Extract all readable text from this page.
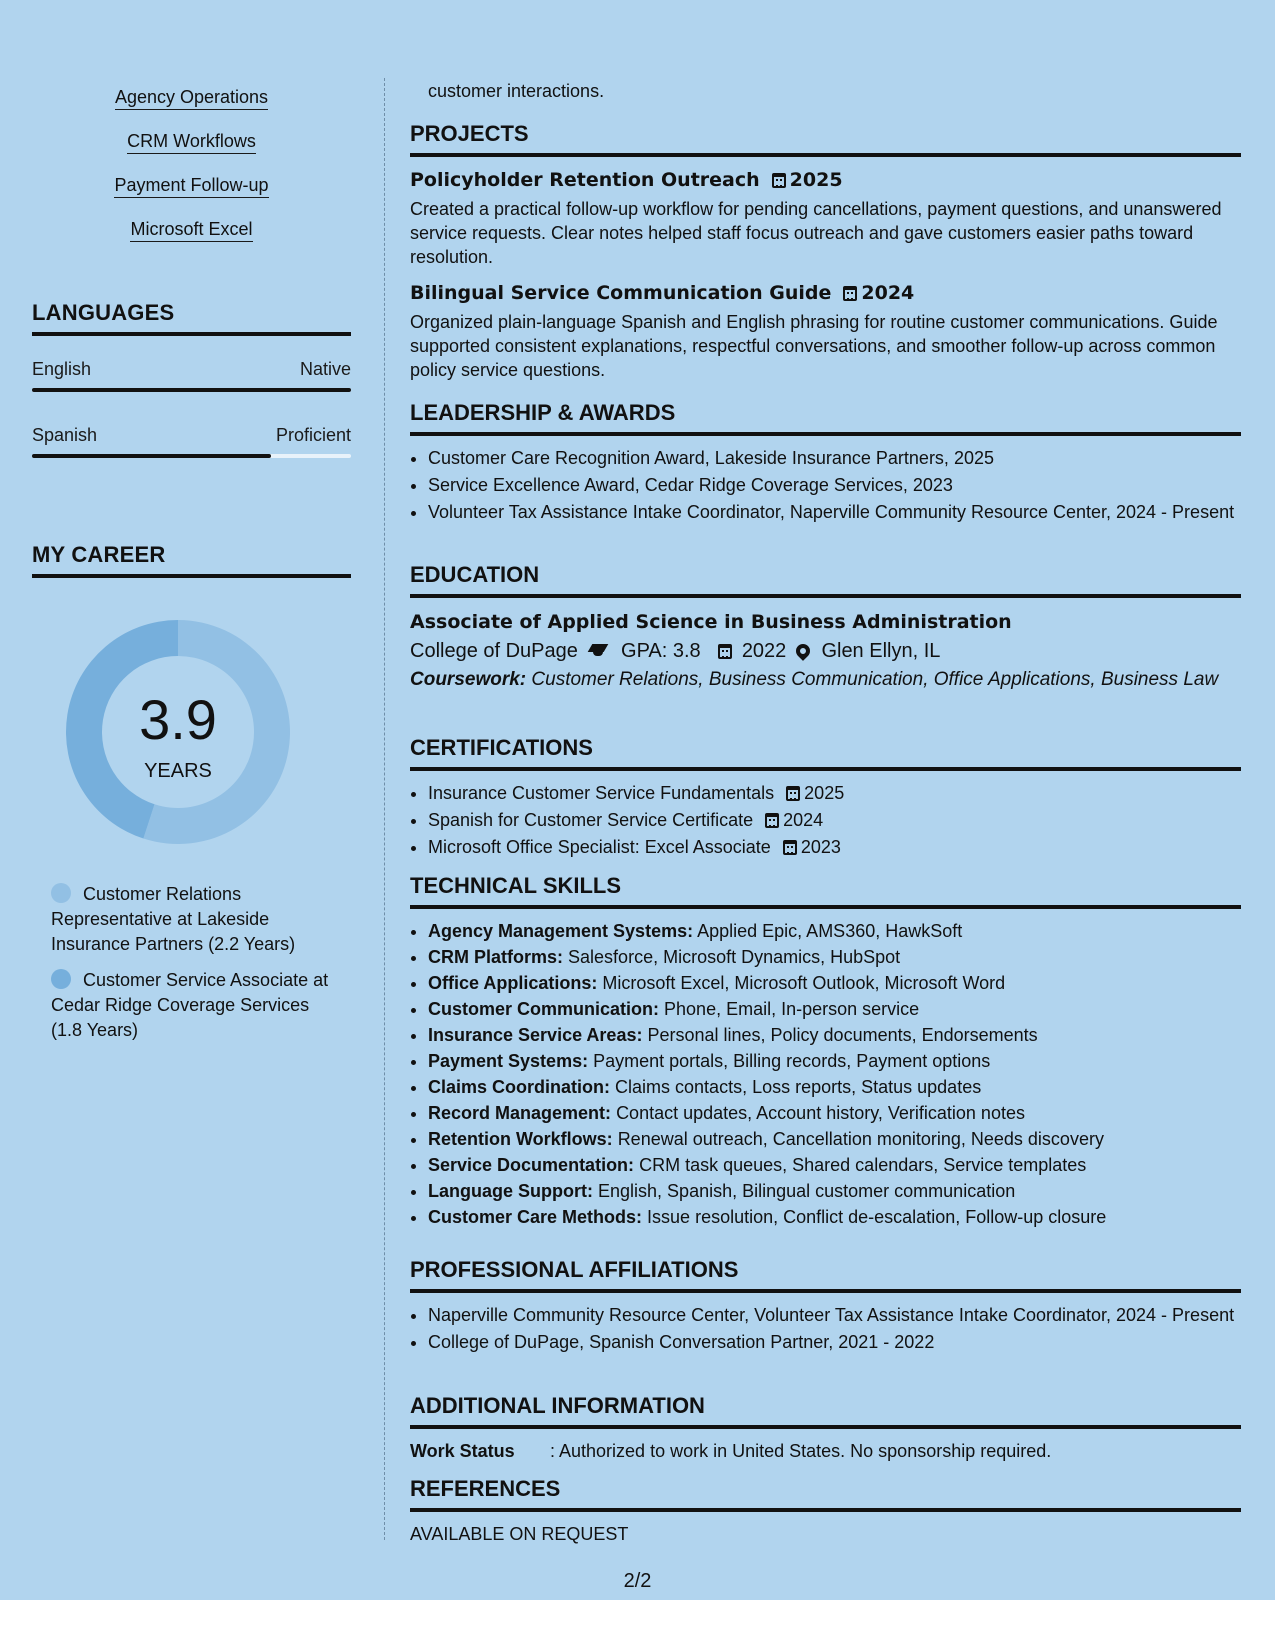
Agency Operations
CRM Workflows
Payment Follow-up
Microsoft Excel
LANGUAGES
English	Native
Spanish	Proficient
MY CAREER
3.9
YEARS
Customer Relations Representative at Lakeside Insurance Partners (2.2 Years)
Customer Service Associate at Cedar Ridge Coverage Services (1.8 Years)
customer interactions.
PROJECTS
Policyholder Retention Outreach 2025
Created a practical follow-up workflow for pending cancellations, payment questions, and unanswered service requests. Clear notes helped staff focus outreach and gave customers easier paths toward resolution.
Bilingual Service Communication Guide 2024
Organized plain-language Spanish and English phrasing for routine customer communications. Guide supported consistent explanations, respectful conversations, and smoother follow-up across common policy service questions.
LEADERSHIP & AWARDS
• Customer Care Recognition Award, Lakeside Insurance Partners, 2025
• Service Excellence Award, Cedar Ridge Coverage Services, 2023
• Volunteer Tax Assistance Intake Coordinator, Naperville Community Resource Center, 2024 - Present
EDUCATION
Associate of Applied Science in Business Administration
College of DuPage GPA: 3.8 2022 Glen Ellyn, IL
Coursework: Customer Relations, Business Communication, Office Applications, Business Law
CERTIFICATIONS
• Insurance Customer Service Fundamentals 2025
• Spanish for Customer Service Certificate 2024
• Microsoft Office Specialist: Excel Associate 2023
TECHNICAL SKILLS
• Agency Management Systems: Applied Epic, AMS360, HawkSoft
• CRM Platforms: Salesforce, Microsoft Dynamics, HubSpot
• Office Applications: Microsoft Excel, Microsoft Outlook, Microsoft Word
• Customer Communication: Phone, Email, In-person service
• Insurance Service Areas: Personal lines, Policy documents, Endorsements
• Payment Systems: Payment portals, Billing records, Payment options
• Claims Coordination: Claims contacts, Loss reports, Status updates
• Record Management: Contact updates, Account history, Verification notes
• Retention Workflows: Renewal outreach, Cancellation monitoring, Needs discovery
• Service Documentation: CRM task queues, Shared calendars, Service templates
• Language Support: English, Spanish, Bilingual customer communication
• Customer Care Methods: Issue resolution, Conflict de-escalation, Follow-up closure
PROFESSIONAL AFFILIATIONS
• Naperville Community Resource Center, Volunteer Tax Assistance Intake Coordinator, 2024 - Present
• College of DuPage, Spanish Conversation Partner, 2021 - 2022
ADDITIONAL INFORMATION
Work Status : Authorized to work in United States. No sponsorship required.
REFERENCES
AVAILABLE ON REQUEST
2/2
